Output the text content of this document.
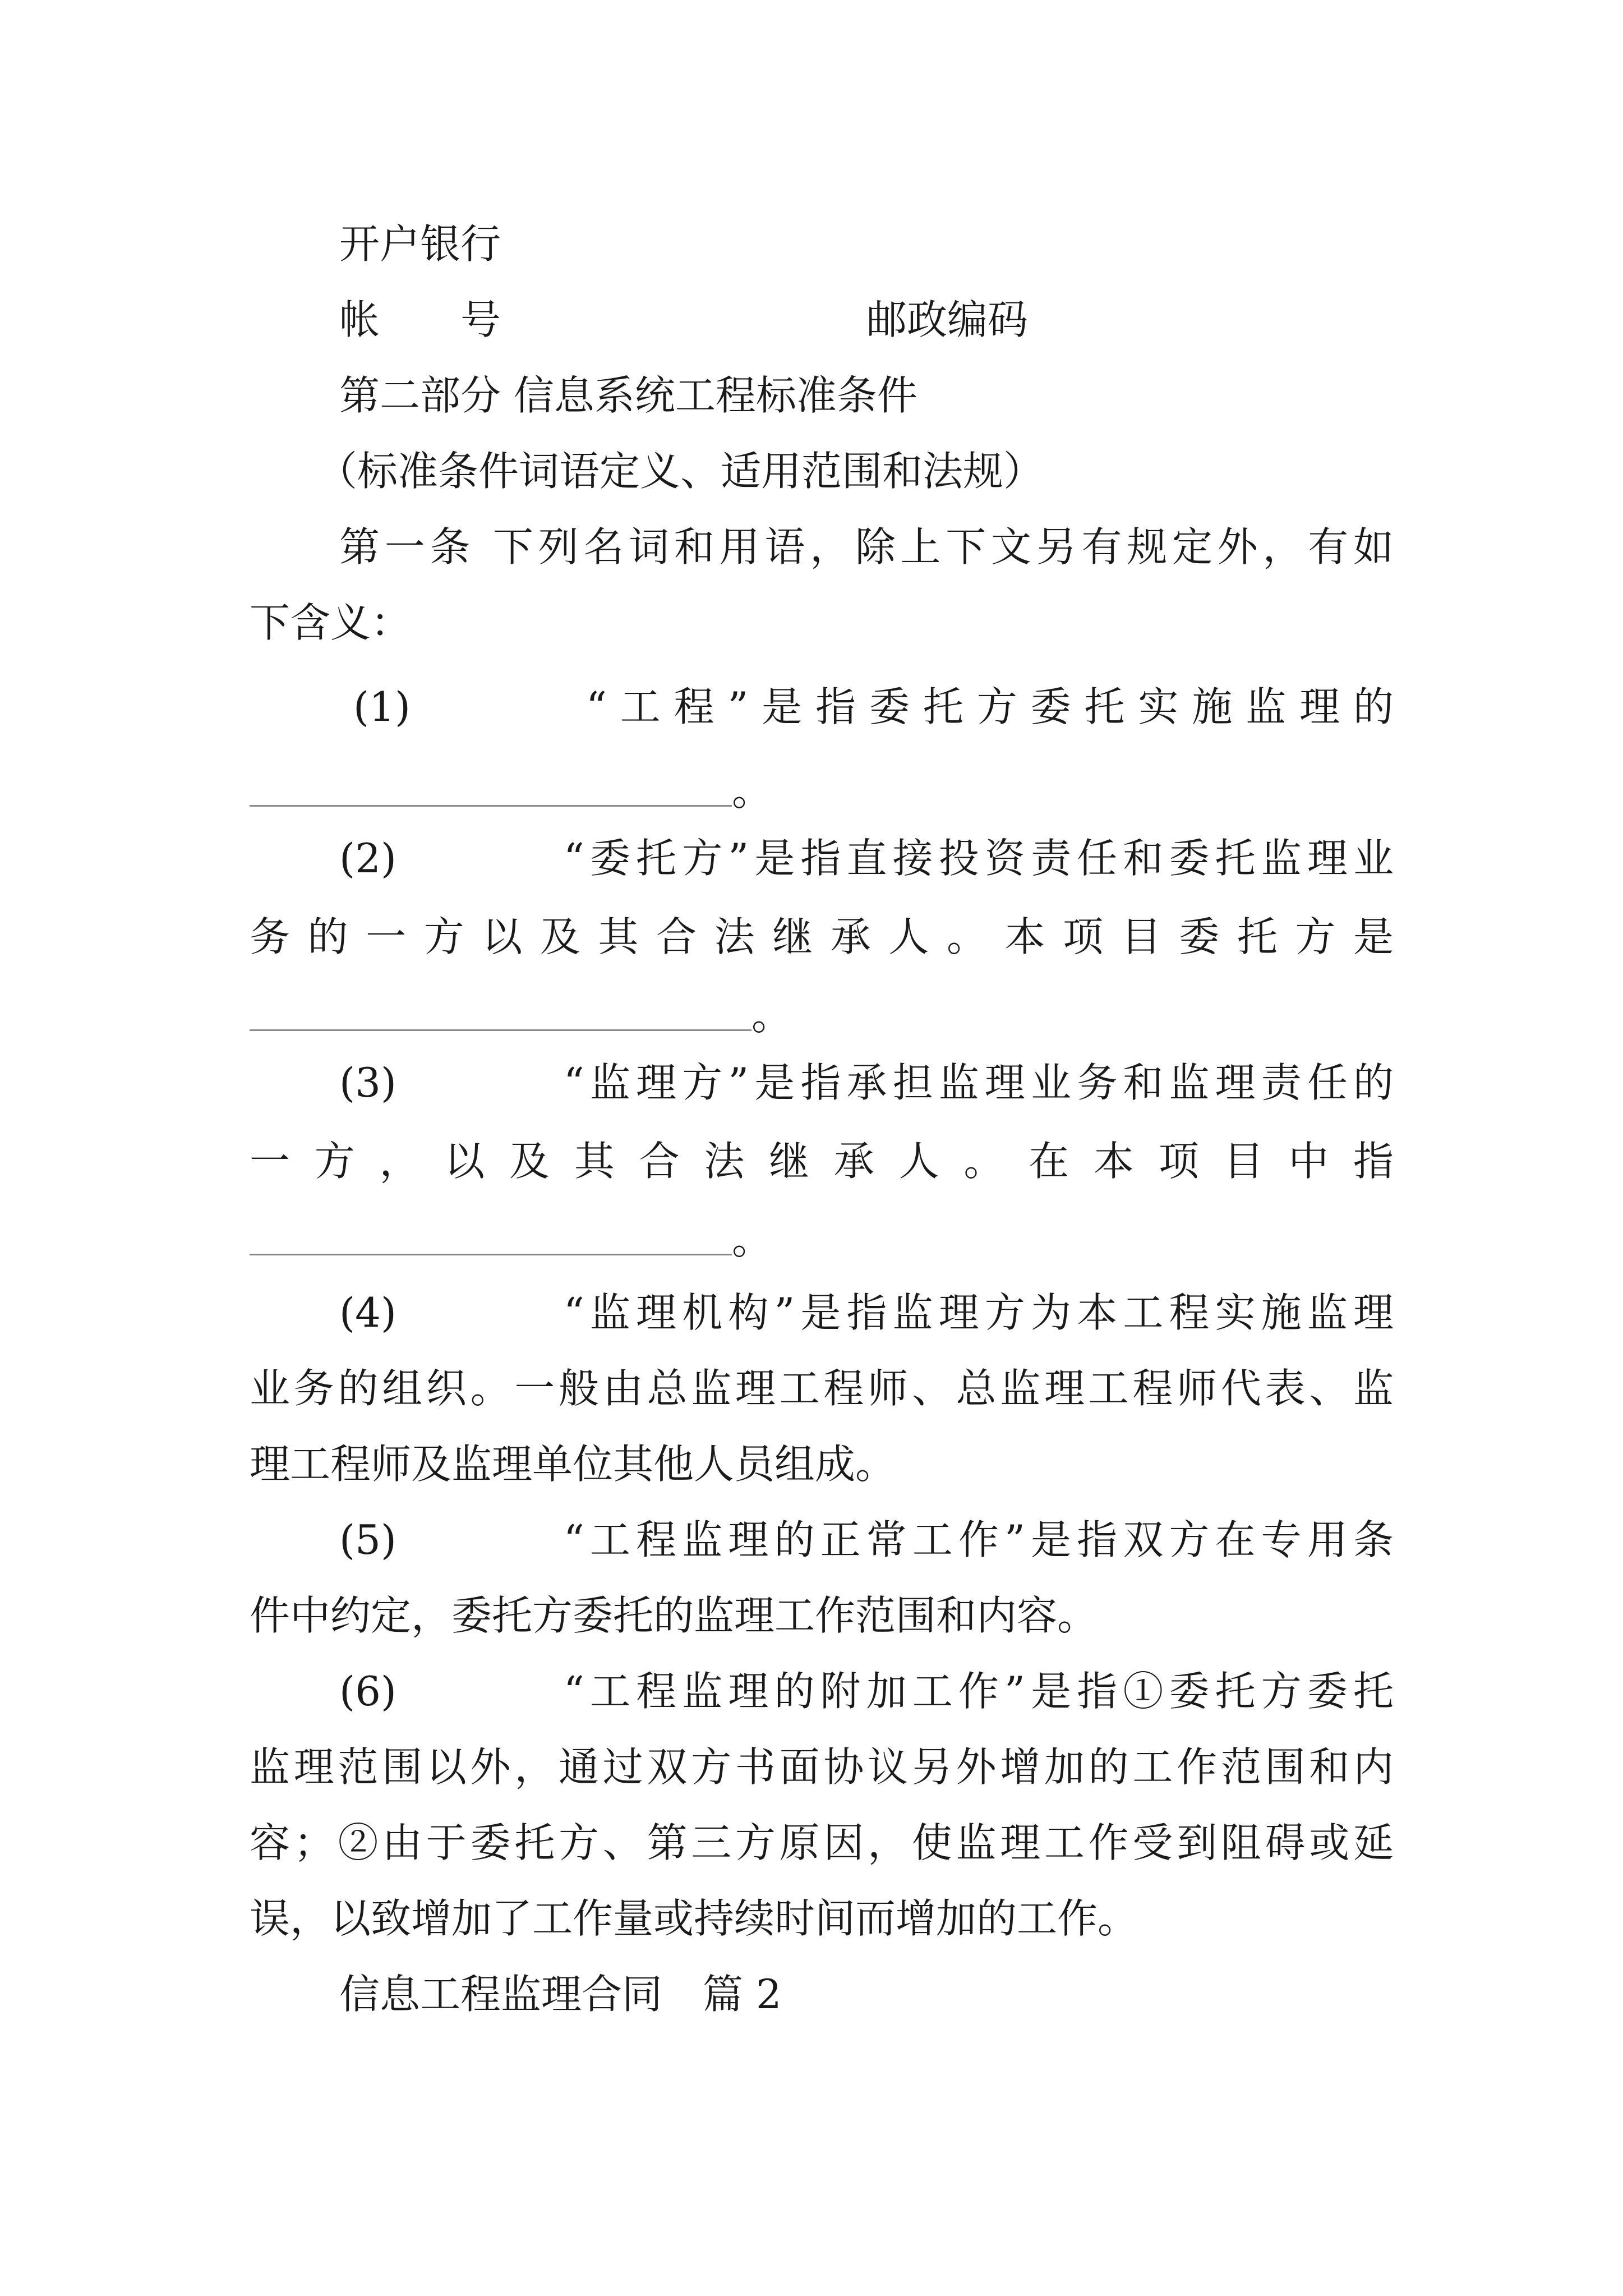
开户银行
帐　　号	邮政编码
第二部分 信息系统工程标准条件
（标准条件词语定义、适用范围和法规）
第一条 下列名词和用语，除上下文另有规定外，有如
下含义：
(1)	“工程”是指委托方委托实施监理的
。
(2)	“委托方”是指直接投资责任和委托监理业
务的一方以及其合法继承人。本项目委托方是
。
(3)	“监理方”是指承担监理业务和监理责任的
一方，以及其合法继承人。在本项目中指
。
(4)	“监理机构”是指监理方为本工程实施监理
业务的组织。一般由总监理工程师、总监理工程师代表、监
理工程师及监理单位其他人员组成。
(5)	“工程监理的正常工作”是指双方在专用条
件中约定，委托方委托的监理工作范围和内容。
(6)	“工程监理的附加工作”是指①委托方委托
监理范围以外，通过双方书面协议另外增加的工作范围和内
容；②由于委托方、第三方原因，使监理工作受到阻碍或延
误，以致增加了工作量或持续时间而增加的工作。
信息工程监理合同　篇 2
